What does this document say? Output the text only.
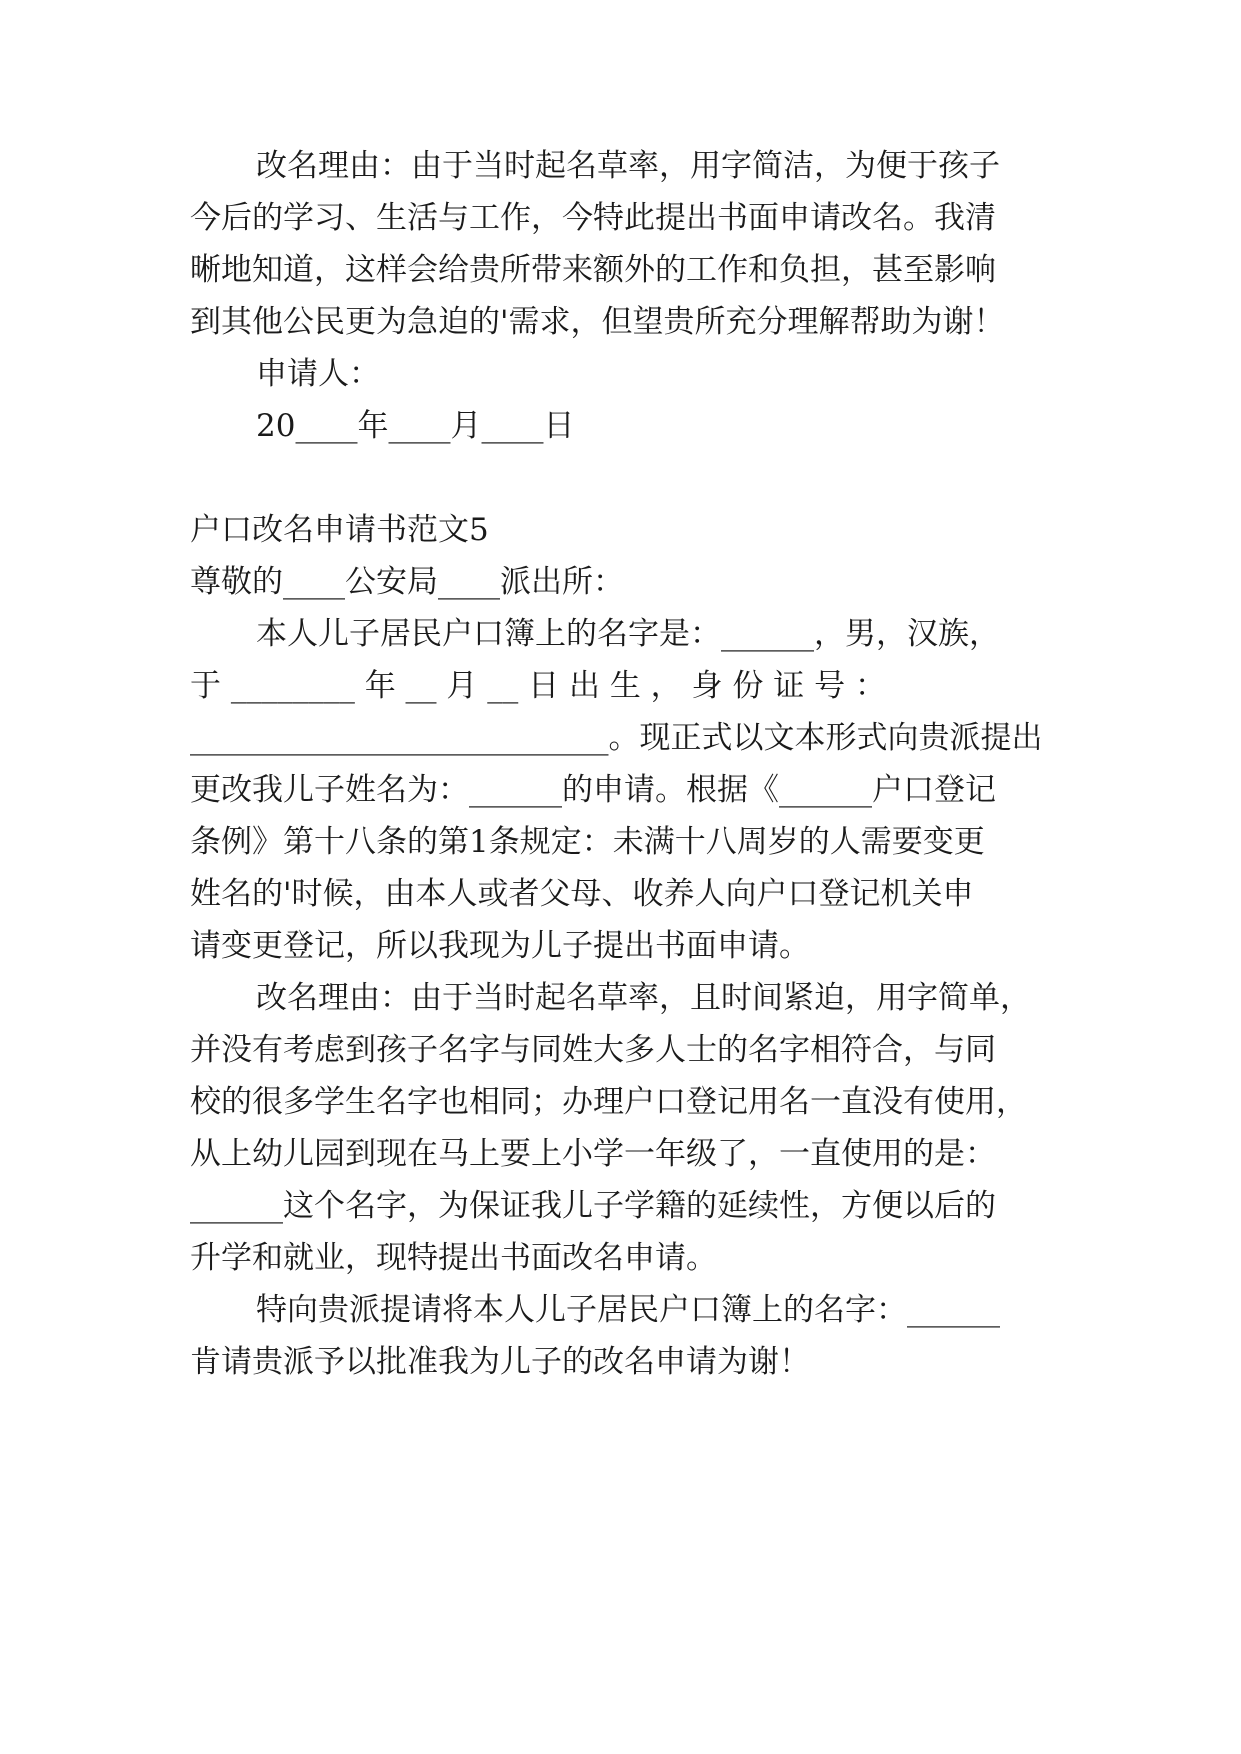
改名理由：由于当时起名草率，用字简洁，为便于孩子
今后的学习、生活与工作，今特此提出书面申请改名。我清
晰地知道，这样会给贵所带来额外的工作和负担，甚至影响
到其他公民更为急迫的'需求，但望贵所充分理解帮助为谢！
申请人：
20____年____月____日
户口改名申请书范文5
尊敬的____公安局____派出所：
本人儿子居民户口簿上的名字是：______，男，汉族，
于 ________ 年 __ 月 __ 日 出 生 ， 身 份 证 号 ：
___________________________。现正式以文本形式向贵派提出
更改我儿子姓名为：______的申请。根据《______户口登记
条例》第十八条的第1条规定：未满十八周岁的人需要变更
姓名的'时候，由本人或者父母、收养人向户口登记机关申
请变更登记，所以我现为儿子提出书面申请。
改名理由：由于当时起名草率，且时间紧迫，用字简单，
并没有考虑到孩子名字与同姓大多人士的名字相符合，与同
校的很多学生名字也相同；办理户口登记用名一直没有使用，
从上幼儿园到现在马上要上小学一年级了，一直使用的是：
______这个名字，为保证我儿子学籍的延续性，方便以后的
升学和就业，现特提出书面改名申请。
特向贵派提请将本人儿子居民户口簿上的名字：______
肯请贵派予以批准我为儿子的改名申请为谢！
